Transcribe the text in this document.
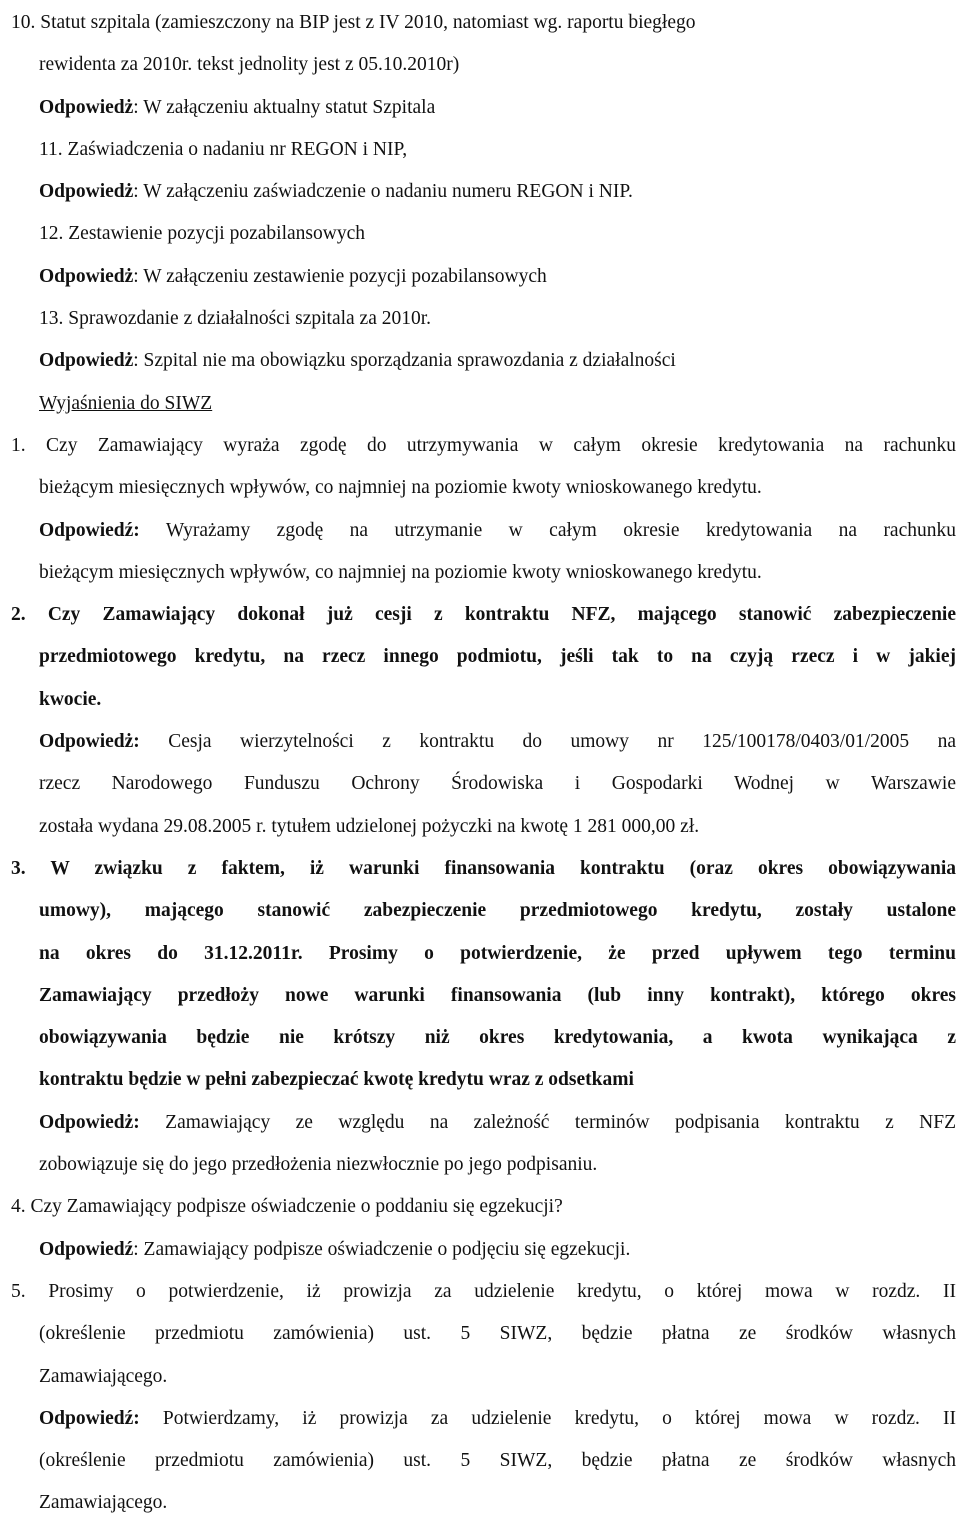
10. Statut szpitala (zamieszczony na BIP jest z IV 2010, natomiast wg. raportu biegłego
rewidenta za 2010r. tekst jednolity jest z 05.10.2010r)
Odpowiedż: W załączeniu aktualny statut Szpitala
11. Zaświadczenia o nadaniu nr REGON i NIP,
Odpowiedż: W załączeniu zaświadczenie o nadaniu numeru REGON i NIP.
12. Zestawienie pozycji pozabilansowych
Odpowiedż: W załączeniu zestawienie pozycji pozabilansowych
13. Sprawozdanie z działalności szpitala za 2010r.
Odpowiedż: Szpital nie ma obowiązku sporządzania sprawozdania z działalności
Wyjaśnienia do SIWZ
1. Czy Zamawiający wyraża zgodę do utrzymywania w całym okresie kredytowania na rachunku
bieżącym miesięcznych wpływów, co najmniej na poziomie kwoty wnioskowanego kredytu.
Odpowiedź: Wyrażamy zgodę na utrzymanie w całym okresie kredytowania na rachunku
bieżącym miesięcznych wpływów, co najmniej na poziomie kwoty wnioskowanego kredytu.
2. Czy Zamawiający dokonał już cesji z kontraktu NFZ, mającego stanowić zabezpieczenie
przedmiotowego kredytu, na rzecz innego podmiotu, jeśli tak to na czyją rzecz i w jakiej
kwocie.
Odpowiedż: Cesja wierzytelności z kontraktu do umowy nr 125/100178/0403/01/2005 na
rzecz Narodowego Funduszu Ochrony Środowiska i Gospodarki Wodnej w Warszawie
została wydana 29.08.2005 r. tytułem udzielonej pożyczki na kwotę 1 281 000,00 zł.
3. W związku z faktem, iż warunki finansowania kontraktu (oraz okres obowiązywania
umowy), mającego stanowić zabezpieczenie przedmiotowego kredytu, zostały ustalone
na okres do 31.12.2011r. Prosimy o potwierdzenie, że przed upływem tego terminu
Zamawiający przedłoży nowe warunki finansowania (lub inny kontrakt), którego okres
obowiązywania będzie nie krótszy niż okres kredytowania, a kwota wynikająca z
kontraktu będzie w pełni zabezpieczać kwotę kredytu wraz z odsetkami
Odpowiedż: Zamawiający ze względu na zależność terminów podpisania kontraktu z NFZ
zobowiązuje się do jego przedłożenia niezwłocznie po jego podpisaniu.
4. Czy Zamawiający podpisze oświadczenie o poddaniu się egzekucji?
Odpowiedź: Zamawiający podpisze oświadczenie o podjęciu się egzekucji.
5. Prosimy o potwierdzenie, iż prowizja za udzielenie kredytu, o której mowa w rozdz. II
(określenie przedmiotu zamówienia) ust. 5 SIWZ, będzie płatna ze środków własnych
Zamawiającego.
Odpowiedź: Potwierdzamy, iż prowizja za udzielenie kredytu, o której mowa w rozdz. II
(określenie przedmiotu zamówienia) ust. 5 SIWZ, będzie płatna ze środków własnych
Zamawiającego.
